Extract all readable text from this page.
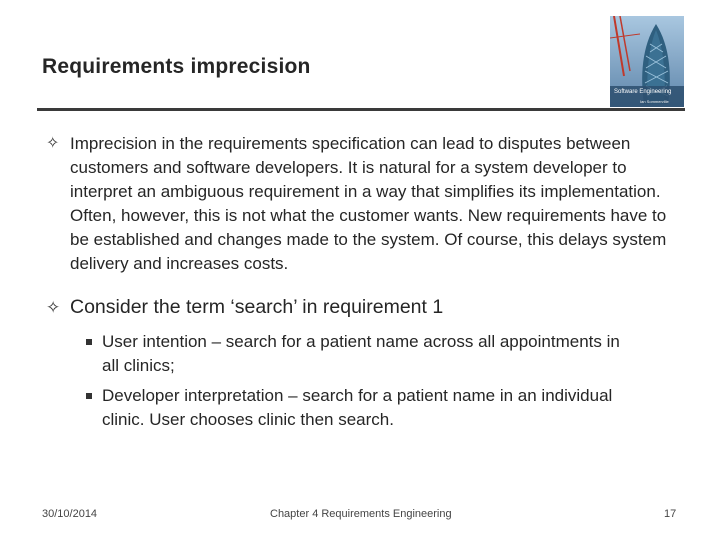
Requirements imprecision
Software Engineering
Ian Sommerville
✧ Imprecision in the requirements specification can lead to disputes between customers and software developers. It is natural for a system developer to interpret an ambiguous requirement in a way that simplifies its implementation. Often, however, this is not what the customer wants. New requirements have to be established and changes made to the system. Of course, this delays system delivery and increases costs.
✧ Consider the term ‘search’ in requirement 1
User intention – search for a patient name across all appointments in all clinics;
Developer interpretation – search for a patient name in an individual clinic. User chooses clinic then search.
30/10/2014	Chapter 4 Requirements Engineering	17
